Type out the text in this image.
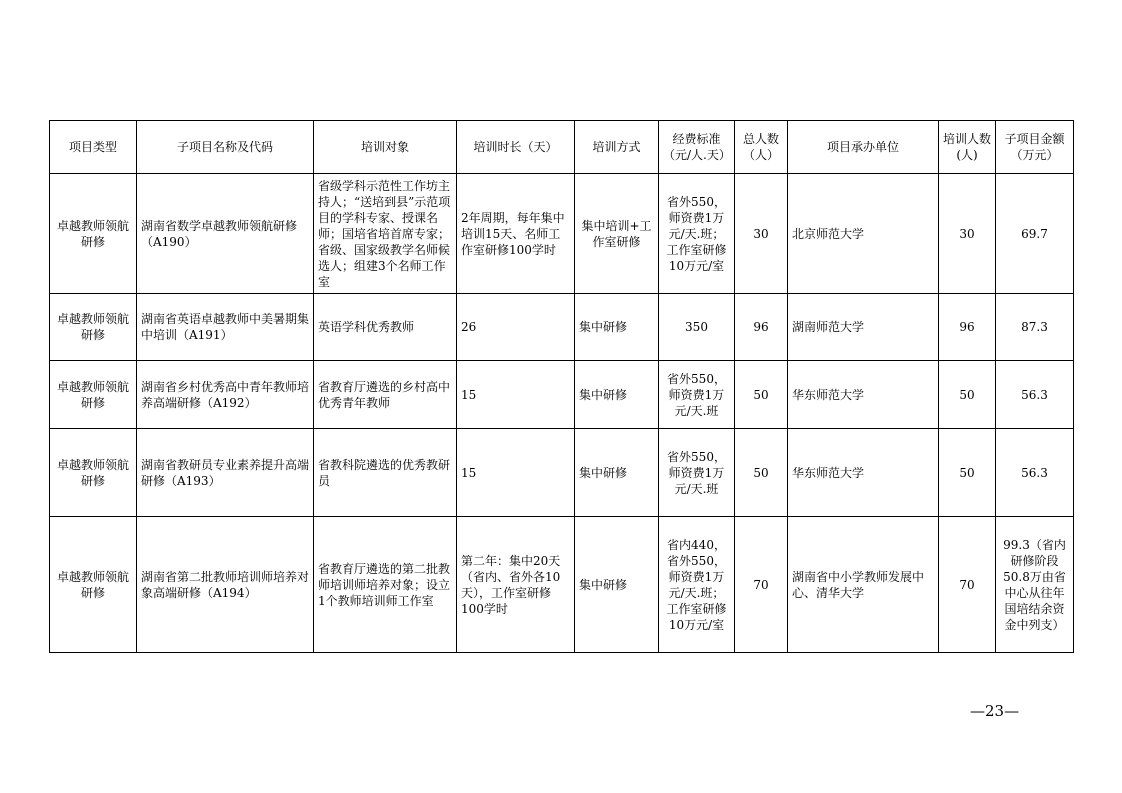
项目类型	子项目名称及代码	培训对象	培训时长（天）	培训方式	经费标准（元/人.天）	总人数（人）	项目承办单位	培训人数(人)	子项目金额（万元）
卓越教师领航研修	湖南省数学卓越教师领航研修（A190）	省级学科示范性工作坊主持人；“送培到县”示范项目的学科专家、授课名师；国培省培首席专家；省级、国家级教学名师候选人；组建3个名师工作室	2年周期，每年集中培训15天、名师工作室研修100学时	集中培训+工作室研修	省外550，师资费1万元/天.班；工作室研修10万元/室	30	北京师范大学	30	69.7
卓越教师领航研修	湖南省英语卓越教师中美暑期集中培训（A191）	英语学科优秀教师	26	集中研修	350	96	湖南师范大学	96	87.3
卓越教师领航研修	湖南省乡村优秀高中青年教师培养高端研修（A192）	省教育厅遴选的乡村高中优秀青年教师	15	集中研修	省外550，师资费1万元/天.班	50	华东师范大学	50	56.3
卓越教师领航研修	湖南省教研员专业素养提升高端研修（A193）	省教科院遴选的优秀教研员	15	集中研修	省外550，师资费1万元/天.班	50	华东师范大学	50	56.3
卓越教师领航研修	湖南省第二批教师培训师培养对象高端研修（A194）	省教育厅遴选的第二批教师培训师培养对象；设立1个教师培训师工作室	第二年：集中20天（省内、省外各10天），工作室研修100学时	集中研修	省内440，省外550，师资费1万元/天.班；工作室研修10万元/室	70	湖南省中小学教师发展中心、清华大学	70	99.3（省内研修阶段50.8万由省中心从往年国培结余资金中列支）
—23—
